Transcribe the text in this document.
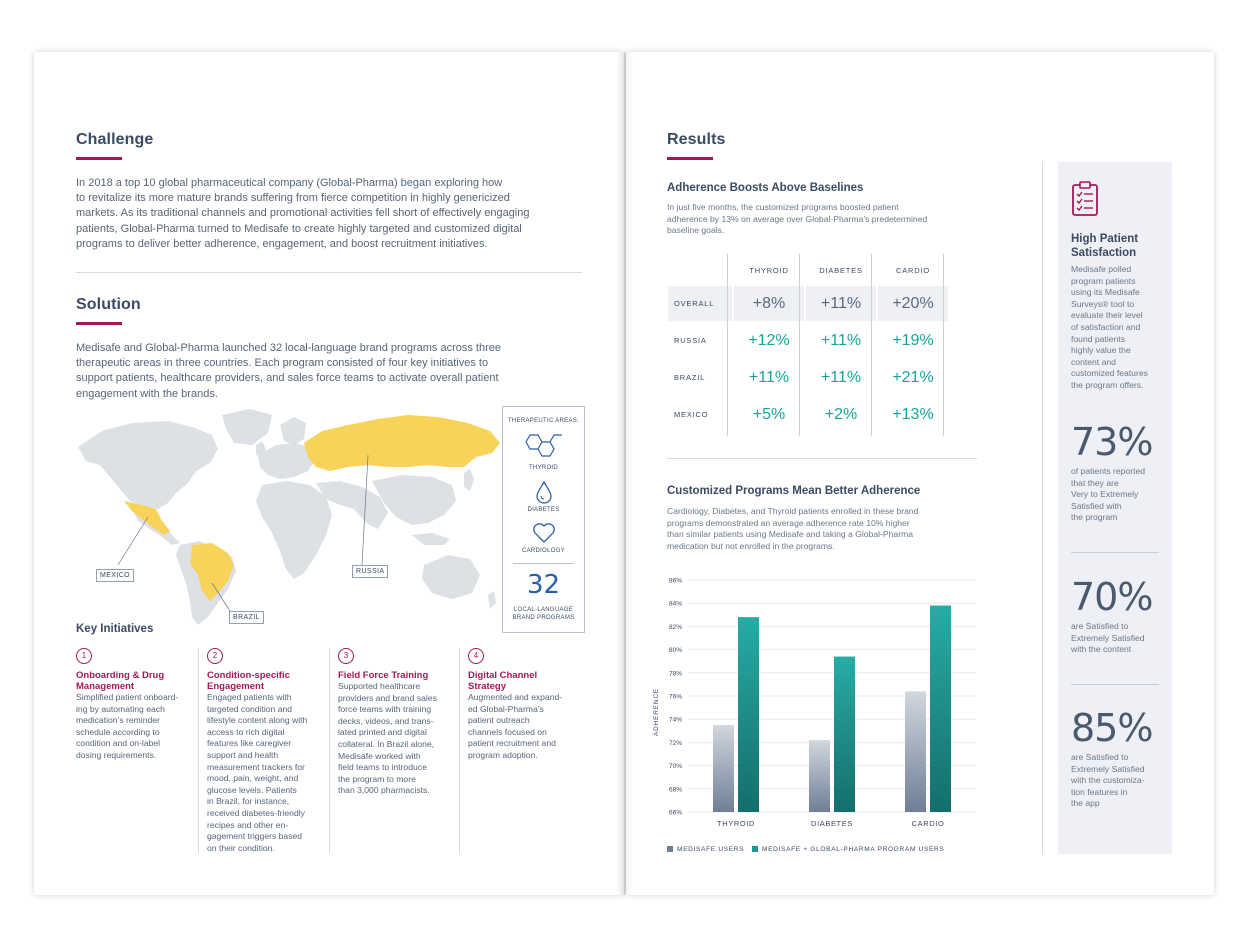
Challenge

In 2018 a top 10 global pharmaceutical company (Global-Pharma) began exploring how

to revitalize its more mature brands suffering from fierce competition in highly genericized

markets. As its traditional channels and promotional activities fell short of effectively engaging

patients, Global-Pharma turned to Medisafe to create highly targeted and customized digital

programs to deliver better adherence, engagement, and boost recruitment initiatives.

Solution

Medisafe and Global-Pharma launched 32 local-language brand programs across three

therapeutic areas in three countries. Each program consisted of four key initiatives to

support patients, healthcare providers, and sales force teams to activate overall patient

engagement with the brands.

MEXICO
BRAZIL
RUSSIA
THERAPEUTIC AREAS:
THYROID
DIABETES
CARDIOLOGY
32
LOCAL-LANGUAGE
BRAND PROGRAMS
Key Initiatives
1
Onboarding & Drug
Management
Simplified patient onboard-
ing by automating each
medication’s reminder
schedule according to
condition and on-label
dosing requirements.
2
Condition-specific
Engagement
Engaged patients with
targeted condition and
lifestyle content along with
access to rich digital
features like caregiver
support and health
measurement trackers for
mood, pain, weight, and
glucose levels. Patients
in Brazil, for instance,
received diabetes-friendly
recipes and other en-
gagement triggers based
on their condition.
3
Field Force Training
Supported healthcare
providers and brand sales
force teams with training
decks, videos, and trans-
lated printed and digital
collateral. In Brazil alone,
Medisafe worked with
field teams to introduce
the program to more
than 3,000 pharmacists.
4
Digital Channel
Strategy
Augmented and expand-
ed Global-Pharma’s
patient outreach
channels focused on
patient recruitment and
program adoption.
Results
Adherence Boosts Above Baselines
In just five months, the customized programs boosted patient
adherence by 13% on average over Global-Pharma’s predetermined
baseline goals.
	THYROID	DIABETES	CARDIO
OVERALL	+8%	+11%	+20%
RUSSIA	+12%	+11%	+19%
BRAZIL	+11%	+11%	+21%
MEXICO	+5%	+2%	+13%
Customized Programs Mean Better Adherence
Cardiology, Diabetes, and Thyroid patients enrolled in these brand
programs demonstrated an average adherence rate 10% higher
than similar patients using Medisafe and taking a Global-Pharma
medication but not enrolled in the programs.
ADHERENCE
66%
68%
70%
72%
74%
76%
78%
80%
82%
84%
86%
THYROID	DIABETES	CARDIO
MEDISAFE USERS	MEDISAFE + GLOBAL-PHARMA PROGRAM USERS
High Patient
Satisfaction
Medisafe polled
program patients
using its Medisafe
Surveys® tool to
evaluate their level
of satisfaction and
found patients
highly value the
content and
customized features
the program offers.
73%
of patients reported
that they are
Very to Extremely
Satisfied with
the program
70%
are Satisfied to
Extremely Satisfied
with the content
85%
are Satisfied to
Extremely Satisfied
with the customiza-
tion features in
the app
